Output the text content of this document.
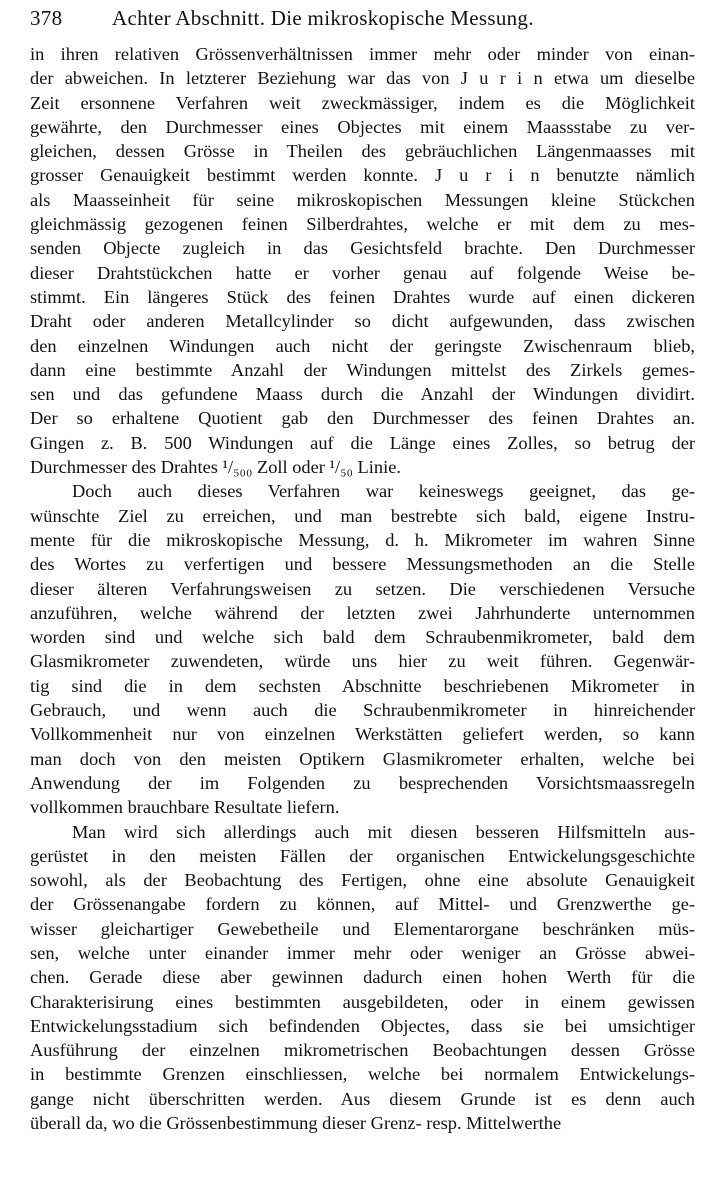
378	Achter Abschnitt. Die mikroskopische Messung.
in ihren relativen Grössenverhältnissen immer mehr oder minder von einan-
der abweichen. In letzterer Beziehung war das von J u r i n etwa um dieselbe
Zeit ersonnene Verfahren weit zweckmässiger, indem es die Möglichkeit
gewährte, den Durchmesser eines Objectes mit einem Maassstabe zu ver-
gleichen, dessen Grösse in Theilen des gebräuchlichen Längenmaasses mit
grosser Genauigkeit bestimmt werden konnte. J u r i n benutzte nämlich
als Maasseinheit für seine mikroskopischen Messungen kleine Stückchen
gleichmässig gezogenen feinen Silberdrahtes, welche er mit dem zu mes-
senden Objecte zugleich in das Gesichtsfeld brachte. Den Durchmesser
dieser Drahtstückchen hatte er vorher genau auf folgende Weise be-
stimmt. Ein längeres Stück des feinen Drahtes wurde auf einen dickeren
Draht oder anderen Metallcylinder so dicht aufgewunden, dass zwischen
den einzelnen Windungen auch nicht der geringste Zwischenraum blieb,
dann eine bestimmte Anzahl der Windungen mittelst des Zirkels gemes-
sen und das gefundene Maass durch die Anzahl der Windungen dividirt.
Der so erhaltene Quotient gab den Durchmesser des feinen Drahtes an.
Gingen z. B. 500 Windungen auf die Länge eines Zolles, so betrug der
Durchmesser des Drahtes ¹/₅₀₀ Zoll oder ¹/₅₀ Linie.
Doch auch dieses Verfahren war keineswegs geeignet, das ge-
wünschte Ziel zu erreichen, und man bestrebte sich bald, eigene Instru-
mente für die mikroskopische Messung, d. h. Mikrometer im wahren Sinne
des Wortes zu verfertigen und bessere Messungsmethoden an die Stelle
dieser älteren Verfahrungsweisen zu setzen. Die verschiedenen Versuche
anzuführen, welche während der letzten zwei Jahrhunderte unternommen
worden sind und welche sich bald dem Schraubenmikrometer, bald dem
Glasmikrometer zuwendeten, würde uns hier zu weit führen. Gegenwär-
tig sind die in dem sechsten Abschnitte beschriebenen Mikrometer in
Gebrauch, und wenn auch die Schraubenmikrometer in hinreichender
Vollkommenheit nur von einzelnen Werkstätten geliefert werden, so kann
man doch von den meisten Optikern Glasmikrometer erhalten, welche bei
Anwendung der im Folgenden zu besprechenden Vorsichtsmaassregeln
vollkommen brauchbare Resultate liefern.
Man wird sich allerdings auch mit diesen besseren Hilfsmitteln aus-
gerüstet in den meisten Fällen der organischen Entwickelungsgeschichte
sowohl, als der Beobachtung des Fertigen, ohne eine absolute Genauigkeit
der Grössenangabe fordern zu können, auf Mittel- und Grenzwerthe ge-
wisser gleichartiger Gewebetheile und Elementarorgane beschränken müs-
sen, welche unter einander immer mehr oder weniger an Grösse abwei-
chen. Gerade diese aber gewinnen dadurch einen hohen Werth für die
Charakterisirung eines bestimmten ausgebildeten, oder in einem gewissen
Entwickelungsstadium sich befindenden Objectes, dass sie bei umsichtiger
Ausführung der einzelnen mikrometrischen Beobachtungen dessen Grösse
in bestimmte Grenzen einschliessen, welche bei normalem Entwickelungs-
gange nicht überschritten werden. Aus diesem Grunde ist es denn auch
überall da, wo die Grössenbestimmung dieser Grenz- resp. Mittelwerthe
